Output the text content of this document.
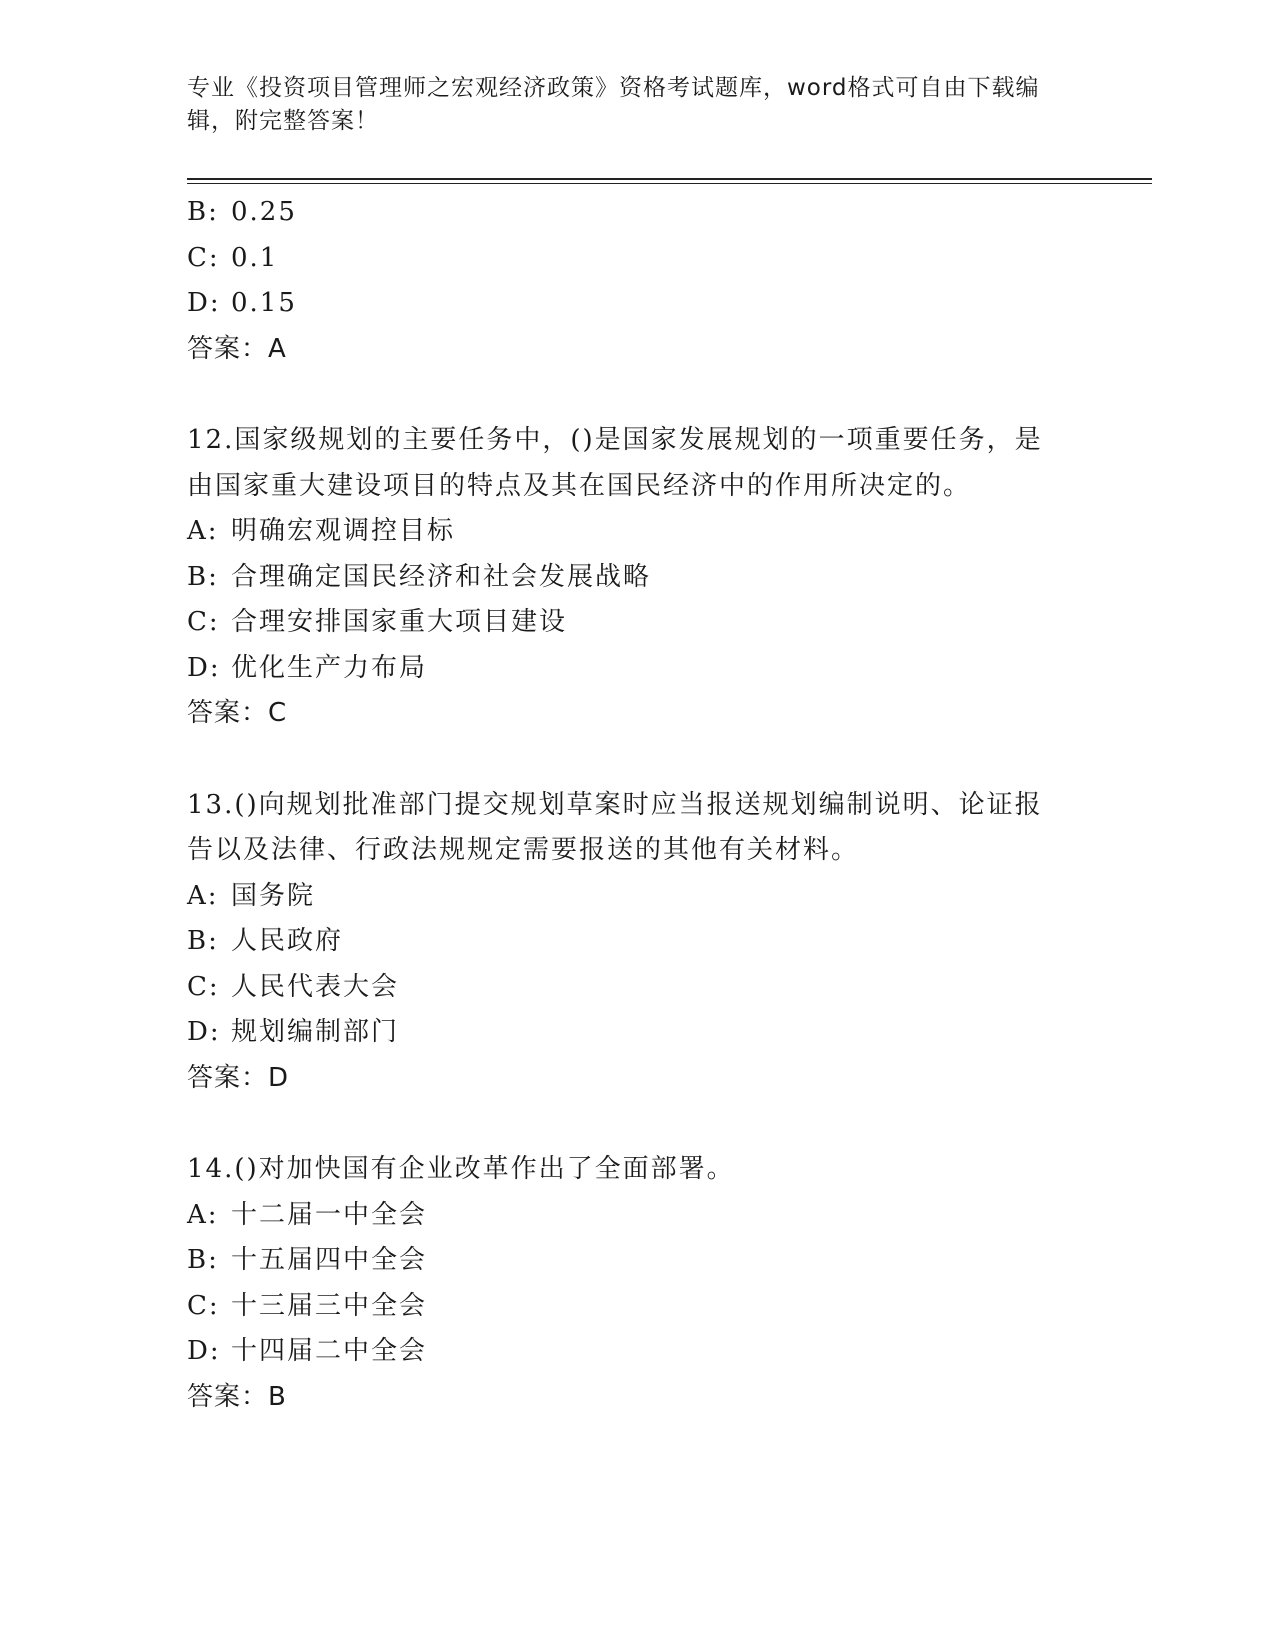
专业《投资项目管理师之宏观经济政策》资格考试题库，word格式可自由下载编
辑，附完整答案！
B: 0.25
C: 0.1
D: 0.15
答案：A
12.国家级规划的主要任务中，()是国家发展规划的一项重要任务，是
由国家重大建设项目的特点及其在国民经济中的作用所决定的。
A: 明确宏观调控目标
B: 合理确定国民经济和社会发展战略
C: 合理安排国家重大项目建设
D: 优化生产力布局
答案：C
13.()向规划批准部门提交规划草案时应当报送规划编制说明、论证报
告以及法律、行政法规规定需要报送的其他有关材料。
A: 国务院
B: 人民政府
C: 人民代表大会
D: 规划编制部门
答案：D
14.()对加快国有企业改革作出了全面部署。
A: 十二届一中全会
B: 十五届四中全会
C: 十三届三中全会
D: 十四届二中全会
答案：B
